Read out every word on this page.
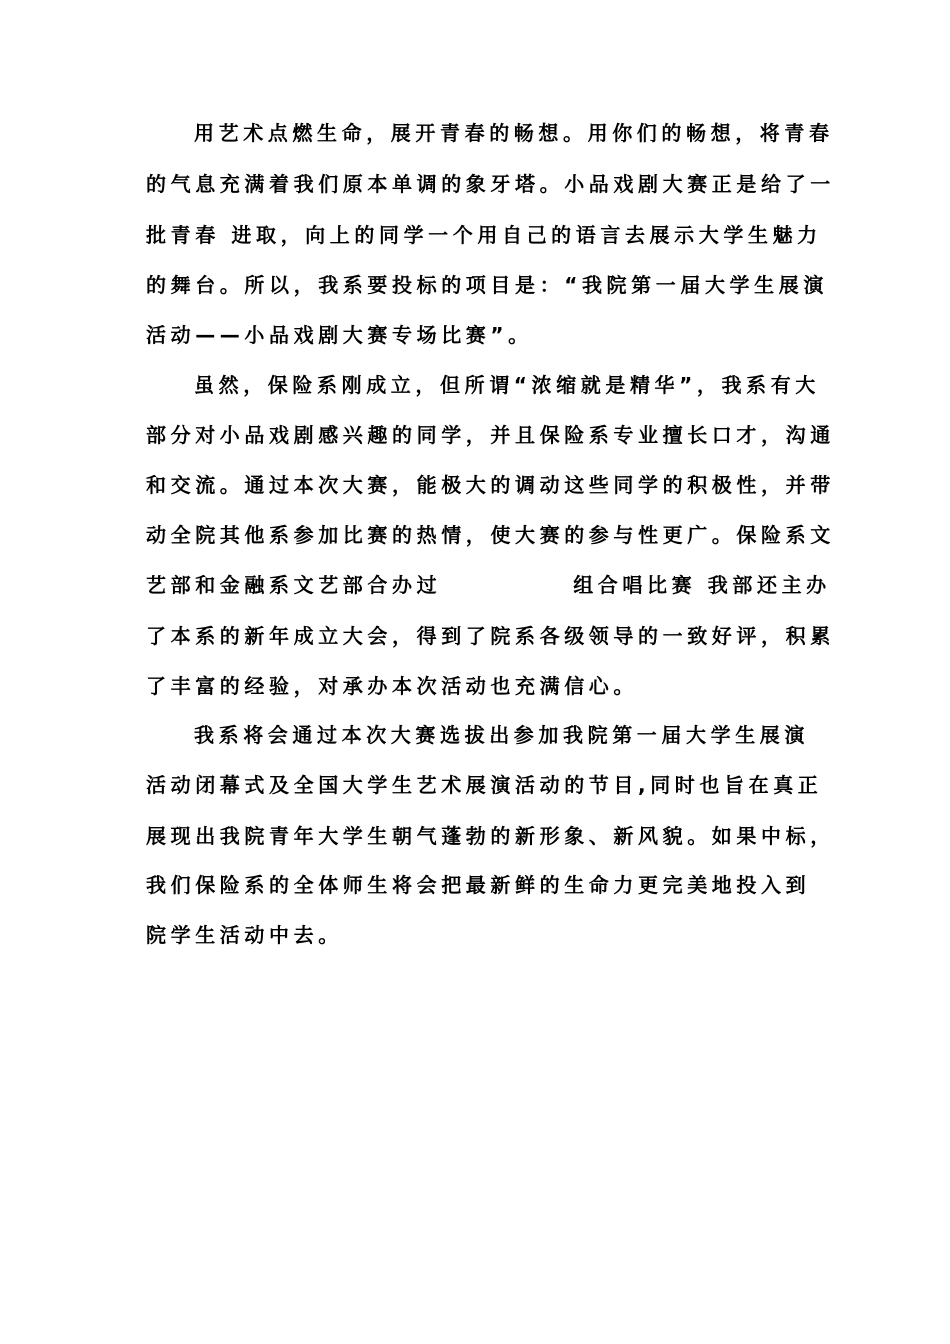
用艺术点燃生命，展开青春的畅想。用你们的畅想，将青春
的气息充满着我们原本单调的象牙塔。小品戏剧大赛正是给了一
批青春 进取，向上的同学一个用自己的语言去展示大学生魅力
的舞台。所以，我系要投标的项目是：“我院第一届大学生展演
活动——小品戏剧大赛专场比赛”。
虽然，保险系刚成立，但所谓“浓缩就是精华”，我系有大
部分对小品戏剧感兴趣的同学，并且保险系专业擅长口才，沟通
和交流。通过本次大赛，能极大的调动这些同学的积极性，并带
动全院其他系参加比赛的热情，使大赛的参与性更广。保险系文
艺部和金融系文艺部合办过	组合唱比赛 我部还主办
了本系的新年成立大会，得到了院系各级领导的一致好评，积累
了丰富的经验，对承办本次活动也充满信心。
我系将会通过本次大赛选拔出参加我院第一届大学生展演
活动闭幕式及全国大学生艺术展演活动的节目,同时也旨在真正
展现出我院青年大学生朝气蓬勃的新形象、新风貌。如果中标，
我们保险系的全体师生将会把最新鲜的生命力更完美地投入到
院学生活动中去。
